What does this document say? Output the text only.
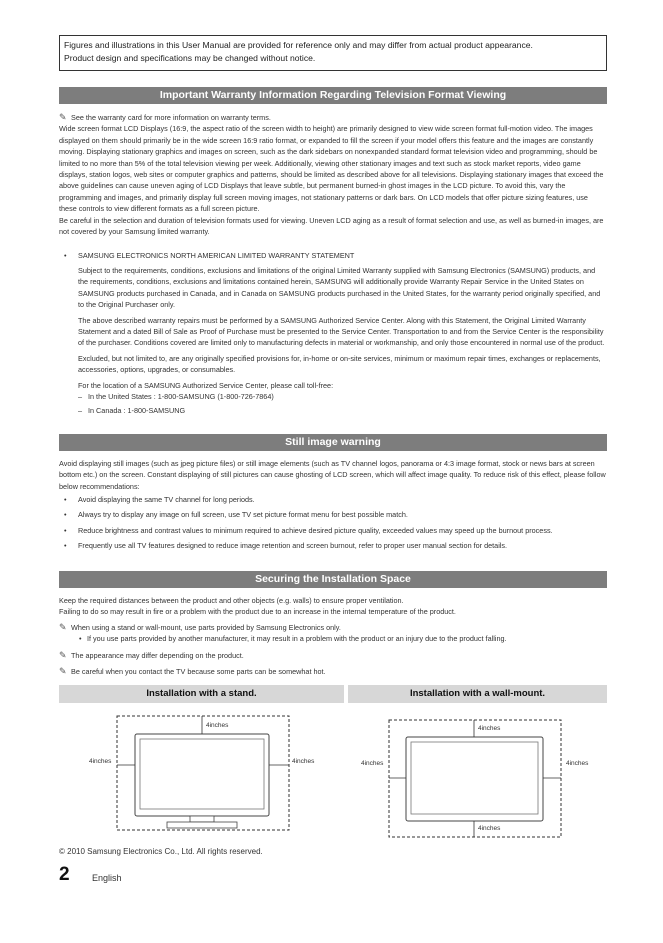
Figures and illustrations in this User Manual are provided for reference only and may differ from actual product appearance.
Product design and specifications may be changed without notice.
Important Warranty Information Regarding Television Format Viewing

✎ See the warranty card for more information on warranty terms.

Wide screen format LCD Displays (16:9, the aspect ratio of the screen width to height) are primarily designed to view wide screen format full-motion video. The images displayed on them should primarily be in the wide screen 16:9 ratio format, or expanded to fill the screen if your model offers this feature and the images are constantly moving. Displaying stationary graphics and images on screen, such as the dark sidebars on nonexpanded standard format television video and programming, should be limited to no more than 5% of the total television viewing per week. Additionally, viewing other stationary images and text such as stock market reports, video game displays, station logos, web sites or computer graphics and patterns, should be limited as described above for all televisions. Displaying stationary images that exceed the above guidelines can cause uneven aging of LCD Displays that leave subtle, but permanent burned-in ghost images in the LCD picture. To avoid this, vary the programming and images, and primarily display full screen moving images, not stationary patterns or dark bars. On LCD models that offer picture sizing features, use these controls to view different formats as a full screen picture.

Be careful in the selection and duration of television formats used for viewing. Uneven LCD aging as a result of format selection and use, as well as burned-in images, are not covered by your Samsung limited warranty.

• SAMSUNG ELECTRONICS NORTH AMERICAN LIMITED WARRANTY STATEMENT

Subject to the requirements, conditions, exclusions and limitations of the original Limited Warranty supplied with Samsung Electronics (SAMSUNG) products, and the requirements, conditions, exclusions and limitations contained herein, SAMSUNG will additionally provide Warranty Repair Service in the United States on SAMSUNG products purchased in Canada, and in Canada on SAMSUNG products purchased in the United States, for the warranty period originally specified, and to the Original Purchaser only.

The above described warranty repairs must be performed by a SAMSUNG Authorized Service Center. Along with this Statement, the Original Limited Warranty Statement and a dated Bill of Sale as Proof of Purchase must be presented to the Service Center. Transportation to and from the Service Center is the responsibility of the purchaser. Conditions covered are limited only to manufacturing defects in material or workmanship, and only those encountered in normal use of the product.

Excluded, but not limited to, are any originally specified provisions for, in-home or on-site services, minimum or maximum repair times, exchanges or replacements, accessories, options, upgrades, or consumables.

For the location of a SAMSUNG Authorized Service Center, please call toll-free:

– In the United States : 1-800-SAMSUNG (1-800-726-7864)

– In Canada : 1-800-SAMSUNG

Still image warning

Avoid displaying still images (such as jpeg picture files) or still image elements (such as TV channel logos, panorama or 4:3 image format, stock or news bars at screen bottom etc.) on the screen. Constant displaying of still pictures can cause ghosting of LCD screen, which will affect image quality. To reduce risk of this effect, please follow below recommendations:

• Avoid displaying the same TV channel for long periods.

• Always try to display any image on full screen, use TV set picture format menu for best possible match.

• Reduce brightness and contrast values to minimum required to achieve desired picture quality, exceeded values may speed up the burnout process.

• Frequently use all TV features designed to reduce image retention and screen burnout, refer to proper user manual section for details.

Securing the Installation Space

Keep the required distances between the product and other objects (e.g. walls) to ensure proper ventilation.

Failing to do so may result in fire or a problem with the product due to an increase in the internal temperature of the product.

✎ When using a stand or wall-mount, use parts provided by Samsung Electronics only.

• If you use parts provided by another manufacturer, it may result in a problem with the product or an injury due to the product falling.

✎ The appearance may differ depending on the product.

✎ Be careful when you contact the TV because some parts can be somewhat hot.

Installation with a stand.	Installation with a wall-mount.
4inches
4inches	4inches
4inches
4inches
4inches	4inches
© 2010 Samsung Electronics Co., Ltd. All rights reserved.
2 English
